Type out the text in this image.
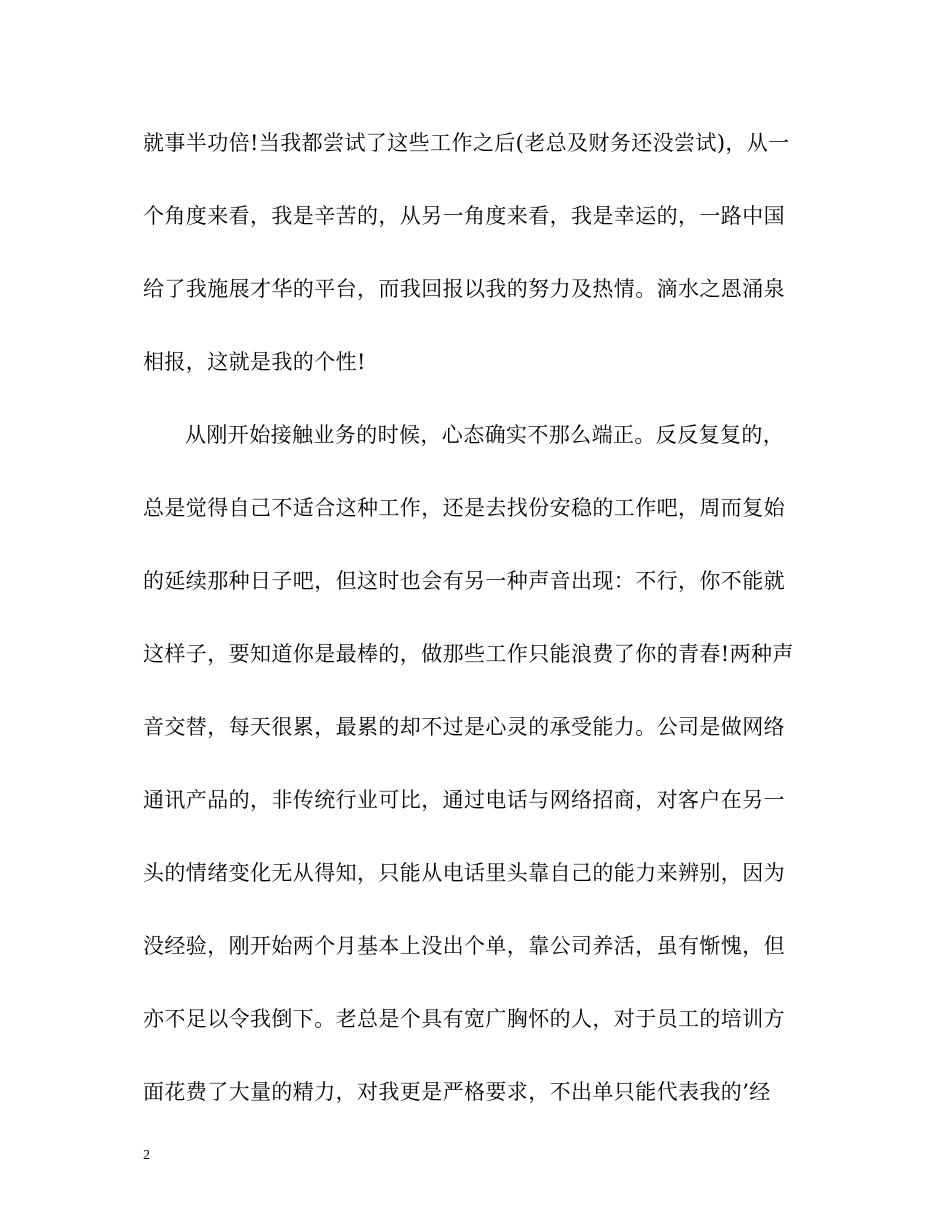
就事半功倍!当我都尝试了这些工作之后(老总及财务还没尝试)，从一
个角度来看，我是辛苦的，从另一角度来看，我是幸运的，一路中国
给了我施展才华的平台，而我回报以我的努力及热情。滴水之恩涌泉
相报，这就是我的个性!
从刚开始接触业务的时候，心态确实不那么端正。反反复复的，
总是觉得自己不适合这种工作，还是去找份安稳的工作吧，周而复始
的延续那种日子吧，但这时也会有另一种声音出现：不行，你不能就
这样子，要知道你是最棒的，做那些工作只能浪费了你的青春!两种声
音交替，每天很累，最累的却不过是心灵的承受能力。公司是做网络
通讯产品的，非传统行业可比，通过电话与网络招商，对客户在另一
头的情绪变化无从得知，只能从电话里头靠自己的能力来辨别，因为
没经验，刚开始两个月基本上没出个单，靠公司养活，虽有惭愧，但
亦不足以令我倒下。老总是个具有宽广胸怀的人，对于员工的培训方
面花费了大量的精力，对我更是严格要求，不出单只能代表我的’经
2
